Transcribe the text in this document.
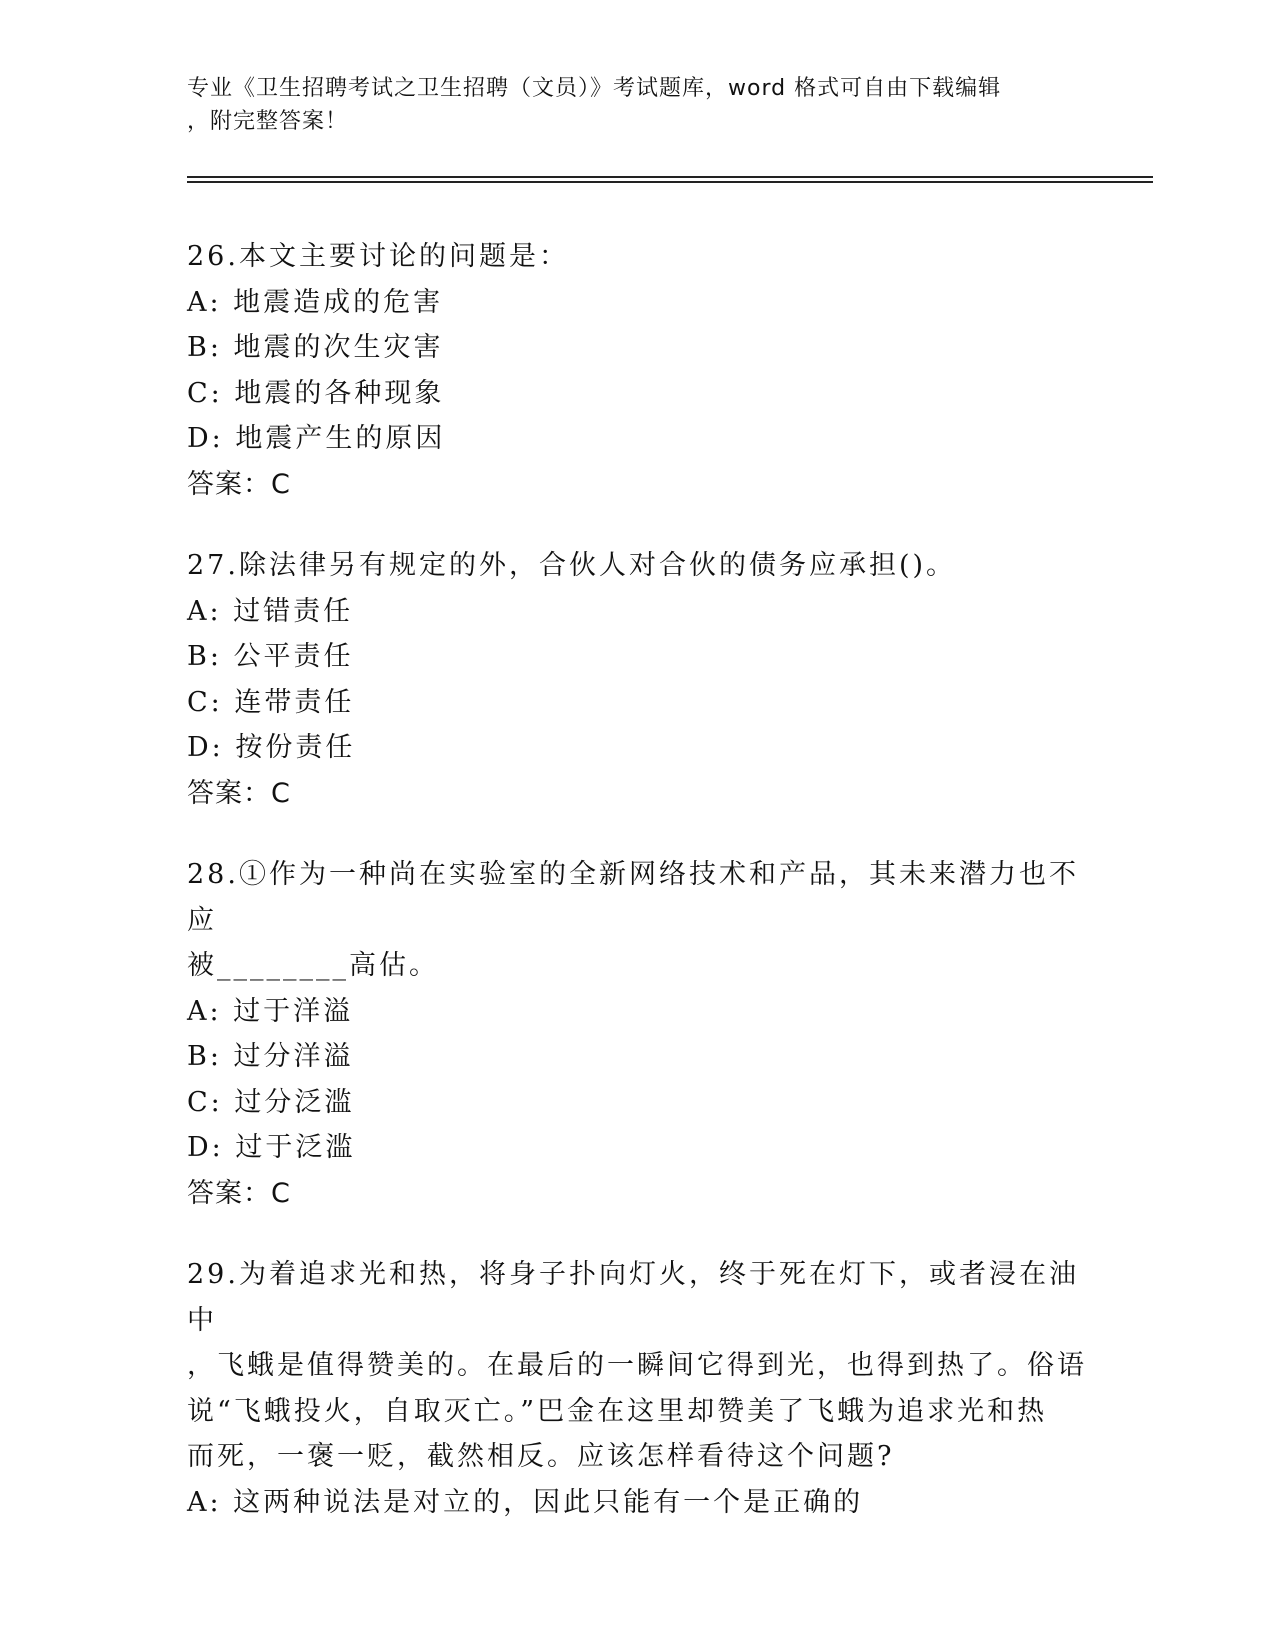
专业《卫生招聘考试之卫生招聘（文员）》考试题库，word 格式可自由下载编辑
，附完整答案！
26.本文主要讨论的问题是：
A: 地震造成的危害
B: 地震的次生灾害
C: 地震的各种现象
D: 地震产生的原因
答案：C
27.除法律另有规定的外，合伙人对合伙的债务应承担()。
A: 过错责任
B: 公平责任
C: 连带责任
D: 按份责任
答案：C
28.①作为一种尚在实验室的全新网络技术和产品，其未来潜力也不应
被________高估。
A: 过于洋溢
B: 过分洋溢
C: 过分泛滥
D: 过于泛滥
答案：C
29.为着追求光和热，将身子扑向灯火，终于死在灯下，或者浸在油中
，飞蛾是值得赞美的。在最后的一瞬间它得到光，也得到热了。俗语
说“飞蛾投火，自取灭亡。”巴金在这里却赞美了飞蛾为追求光和热
而死，一褒一贬，截然相反。应该怎样看待这个问题?
A: 这两种说法是对立的，因此只能有一个是正确的
